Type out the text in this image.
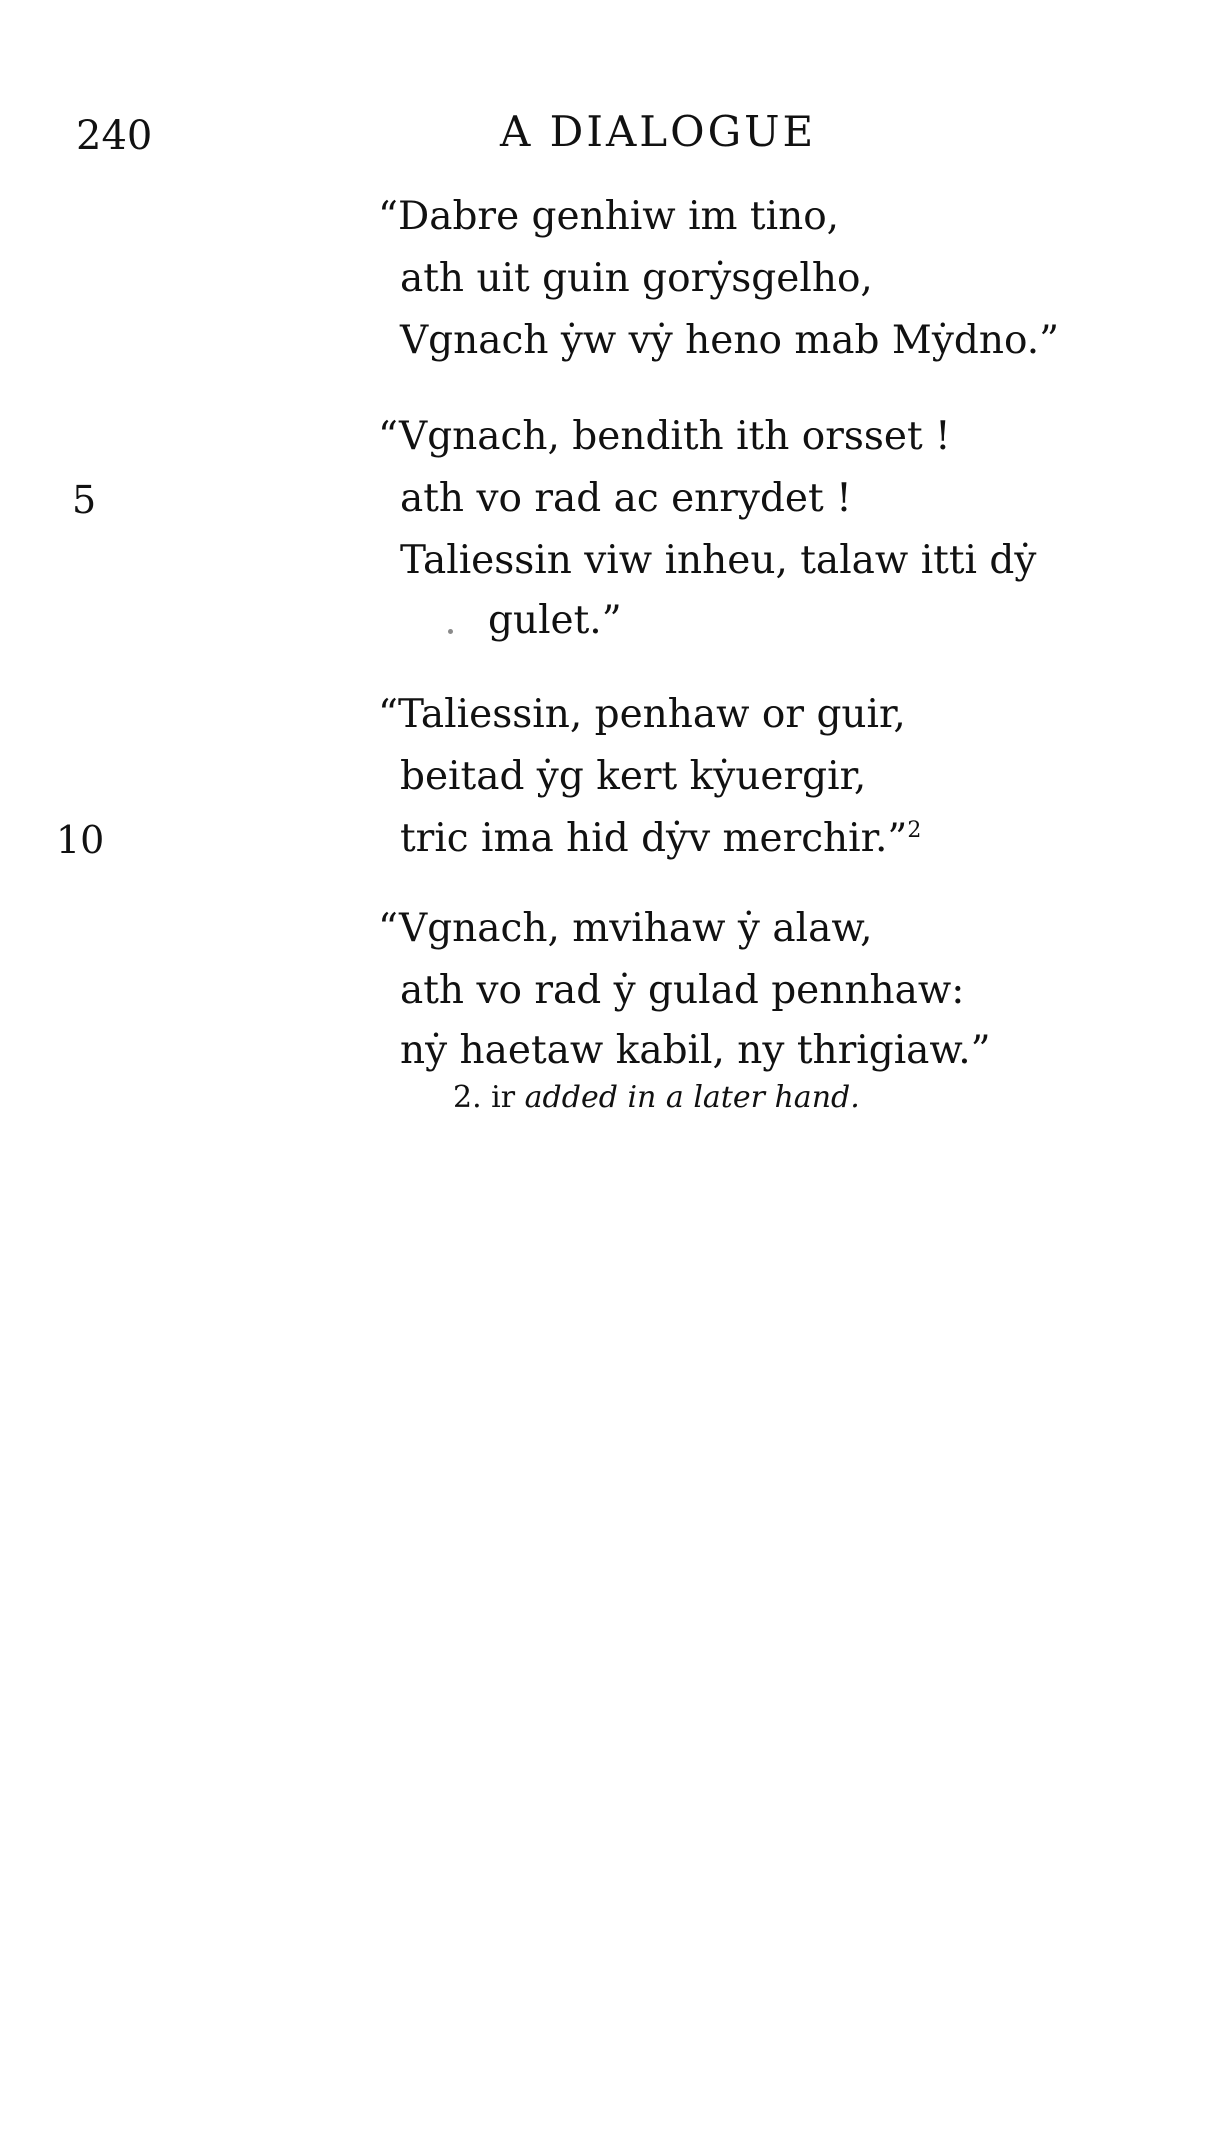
240	A DIALOGUE
“Dabre genhiw im tino,
ath uit guin gorẏsgelho,
Vgnach ẏw vẏ heno mab Mẏdno.”
“Vgnach, bendith ith orsset !
5	ath vo rad ac enrydet !
Taliessin viw inheu, talaw itti dẏ
gulet.”
“Taliessin, penhaw or guir,
beitad ẏg kert kẏuergir,
10	tric ima hid dẏv merchir.”$^2$
“Vgnach, mvihaw ẏ alaw,
ath vo rad ẏ gulad pennhaw:
nẏ haetaw kabil, ny thrigiaw.”
2. ir added in a later hand.
